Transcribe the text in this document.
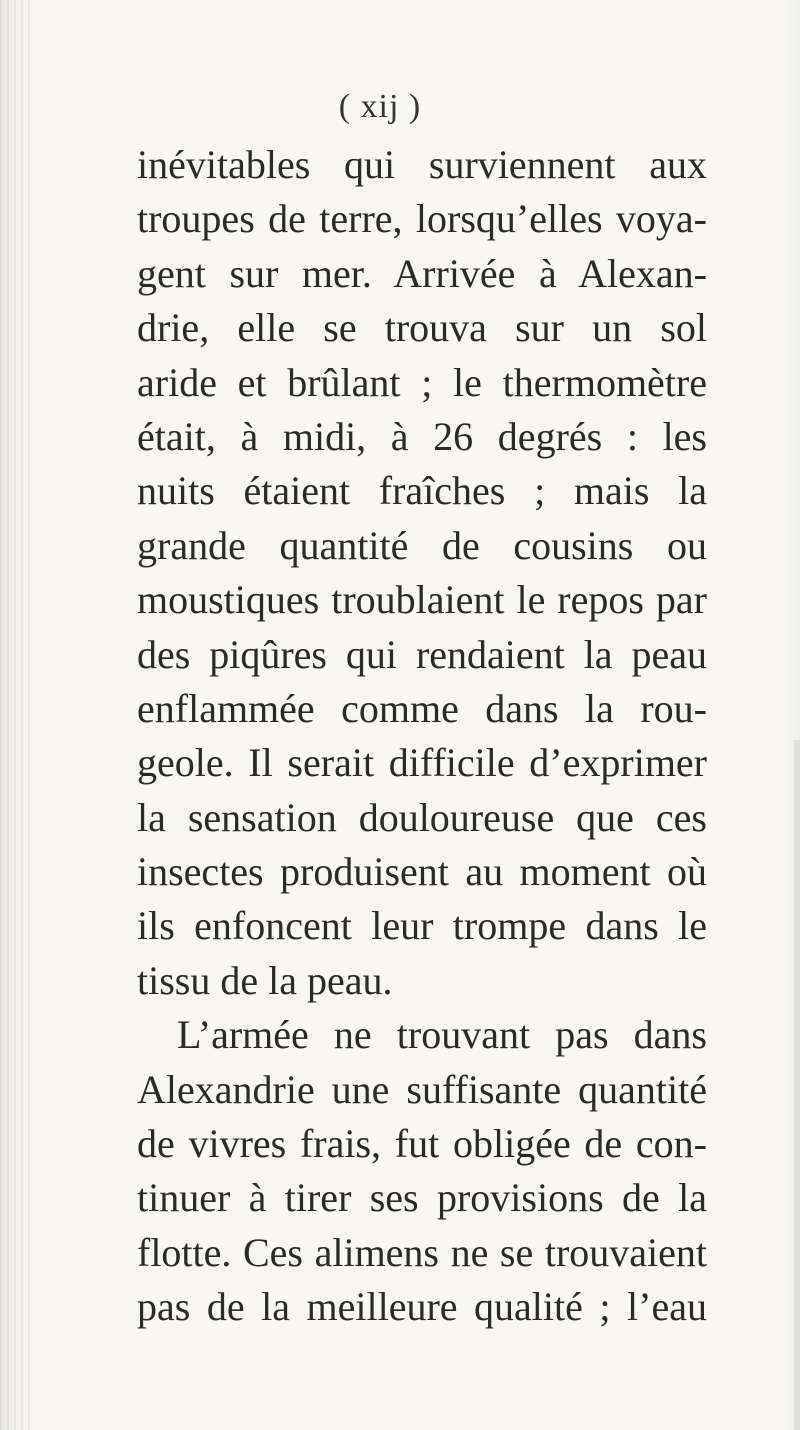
( xij )
inévitables qui surviennent aux
troupes de terre, lorsqu’elles voya-
gent sur mer. Arrivée à Alexan-
drie, elle se trouva sur un sol
aride et brûlant ; le thermomètre
était, à midi, à 26 degrés : les
nuits étaient fraîches ; mais la
grande quantité de cousins ou
moustiques troublaient le repos par
des piqûres qui rendaient la peau
enflammée comme dans la rou-
geole. Il serait difficile d’exprimer
la sensation douloureuse que ces
insectes produisent au moment où
ils enfoncent leur trompe dans le
tissu de la peau.
L’armée ne trouvant pas dans
Alexandrie une suffisante quantité
de vivres frais, fut obligée de con-
tinuer à tirer ses provisions de la
flotte. Ces alimens ne se trouvaient
pas de la meilleure qualité ; l’eau
